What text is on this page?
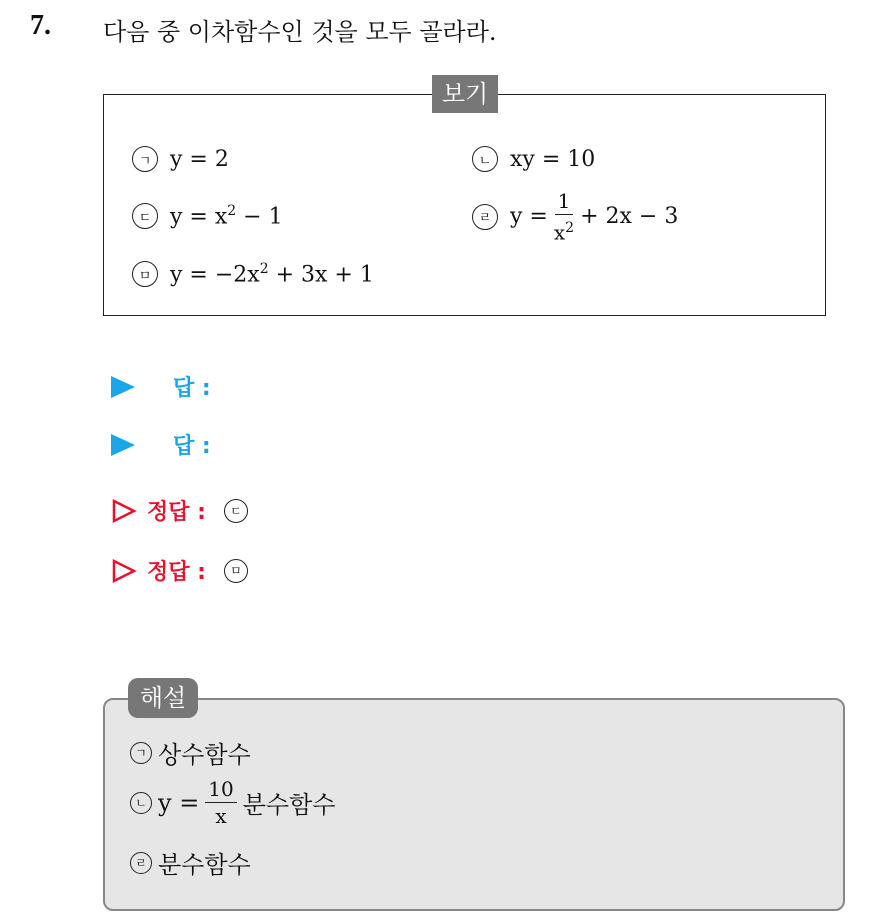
7. 다음 중 이차함수인 것을 모두 골라라.
보기
ㄱ y = 2	ㄴ xy = 10
ㄷ $y = x^2 - 1$	ㄹ $y = \frac{1}{x^2} + 2x - 3$
ㅁ $y = -2x^2 + 3x + 1$
답 :
답 :
정답 :	ㄷ
정답 :	ㅁ
해설
ㄱ 상수함수
ㄴ $y = \frac{10}{x}$ 분수함수
ㄹ 분수함수
